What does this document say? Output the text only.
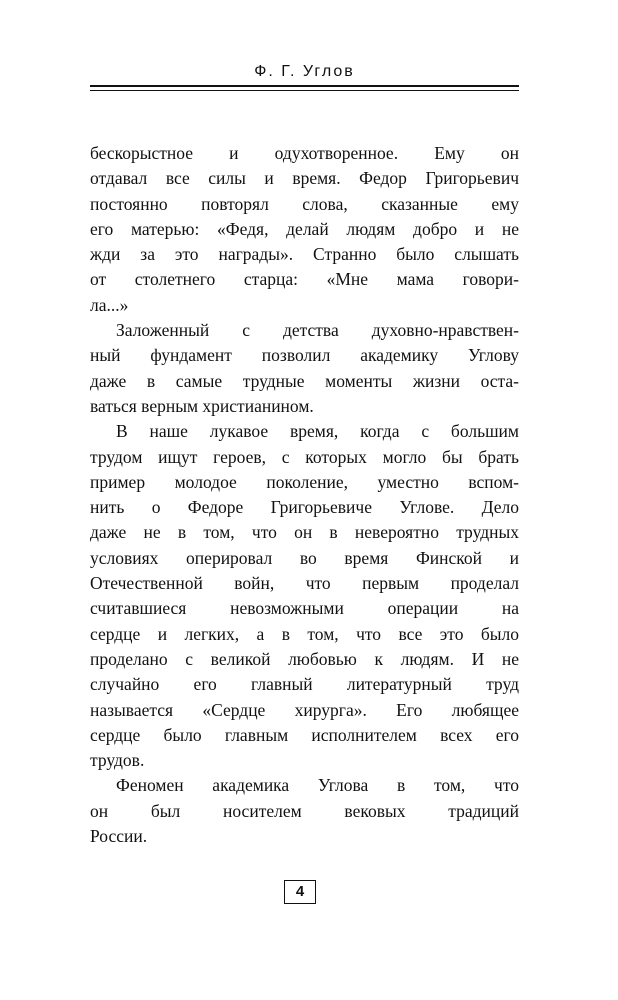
Ф. Г. Углов
бескорыстное и одухотворенное. Ему он
отдавал все силы и время. Федор Григорьевич
постоянно повторял слова, сказанные ему
его матерью: «Федя, делай людям добро и не
жди за это награды». Странно было слышать
от столетнего старца: «Мне мама говори-
ла...»
Заложенный с детства духовно-нравствен-
ный фундамент позволил академику Углову
даже в самые трудные моменты жизни оста-
ваться верным христианином.
В наше лукавое время, когда с большим
трудом ищут героев, с которых могло бы брать
пример молодое поколение, уместно вспом-
нить о Федоре Григорьевиче Углове. Дело
даже не в том, что он в невероятно трудных
условиях оперировал во время Финской и
Отечественной войн, что первым проделал
считавшиеся невозможными операции на
сердце и легких, а в том, что все это было
проделано с великой любовью к людям. И не
случайно его главный литературный труд
называется «Сердце хирурга». Его любящее
сердце было главным исполнителем всех его
трудов.
Феномен академика Углова в том, что
он был носителем вековых традиций
России.
4
